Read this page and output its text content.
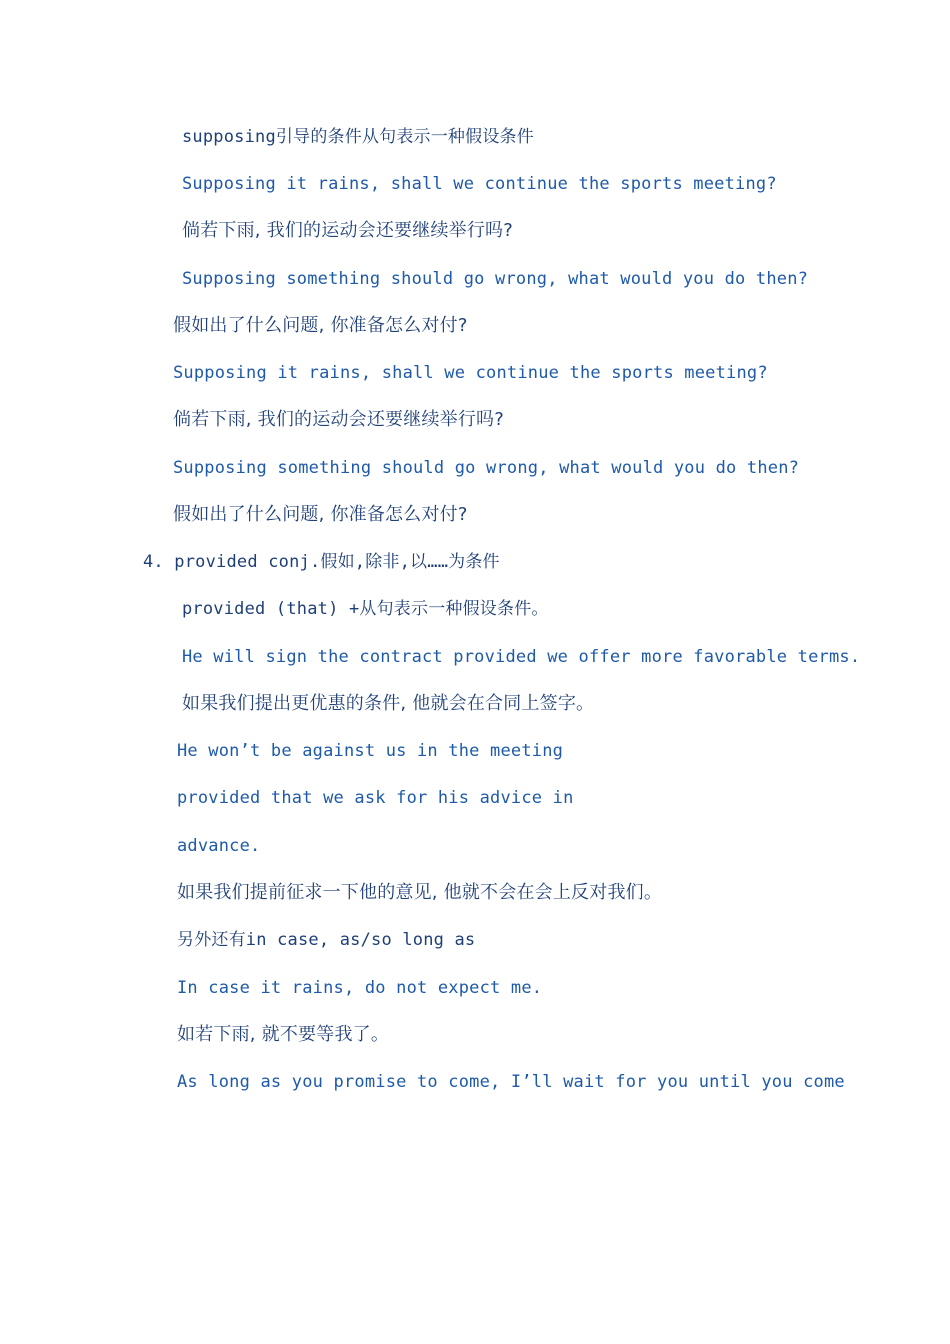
supposing引导的条件从句表示一种假设条件
Supposing it rains, shall we continue the sports meeting?
倘若下雨, 我们的运动会还要继续举行吗?
Supposing something should go wrong, what would you do then?
假如出了什么问题, 你准备怎么对付?
Supposing it rains, shall we continue the sports meeting?
倘若下雨, 我们的运动会还要继续举行吗?
Supposing something should go wrong, what would you do then?
假如出了什么问题, 你准备怎么对付?
4. provided conj.假如,除非,以……为条件
provided (that) +从句表示一种假设条件。
He will sign the contract provided we offer more favorable terms.
如果我们提出更优惠的条件, 他就会在合同上签字。
He won’t be against us in the meeting
provided that we ask for his advice in
advance.
如果我们提前征求一下他的意见, 他就不会在会上反对我们。
另外还有in case, as/so long as
In case it rains, do not expect me.
如若下雨, 就不要等我了。
As long as you promise to come, I’ll wait for you until you come
